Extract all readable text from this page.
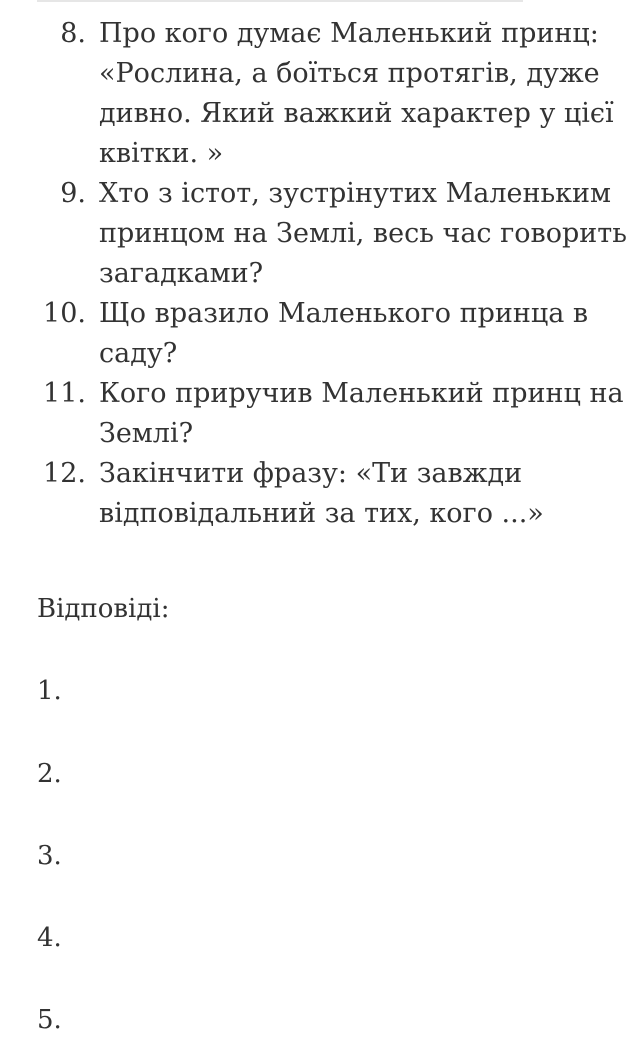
8. Про кого думає Маленький принц: «Рослина, а боїться протягів, дуже дивно. Який важкий характер у цієї квітки. »
9. Хто з істот, зустрінутих Маленьким принцом на Землі, весь час говорить загадками?
10. Що вразило Маленького принца в саду?
11. Кого приручив Маленький принц на Землі?
12. Закінчити фразу: «Ти завжди відповідальний за тих, кого ...»
Відповіді:
1.
2.
3.
4.
5.
